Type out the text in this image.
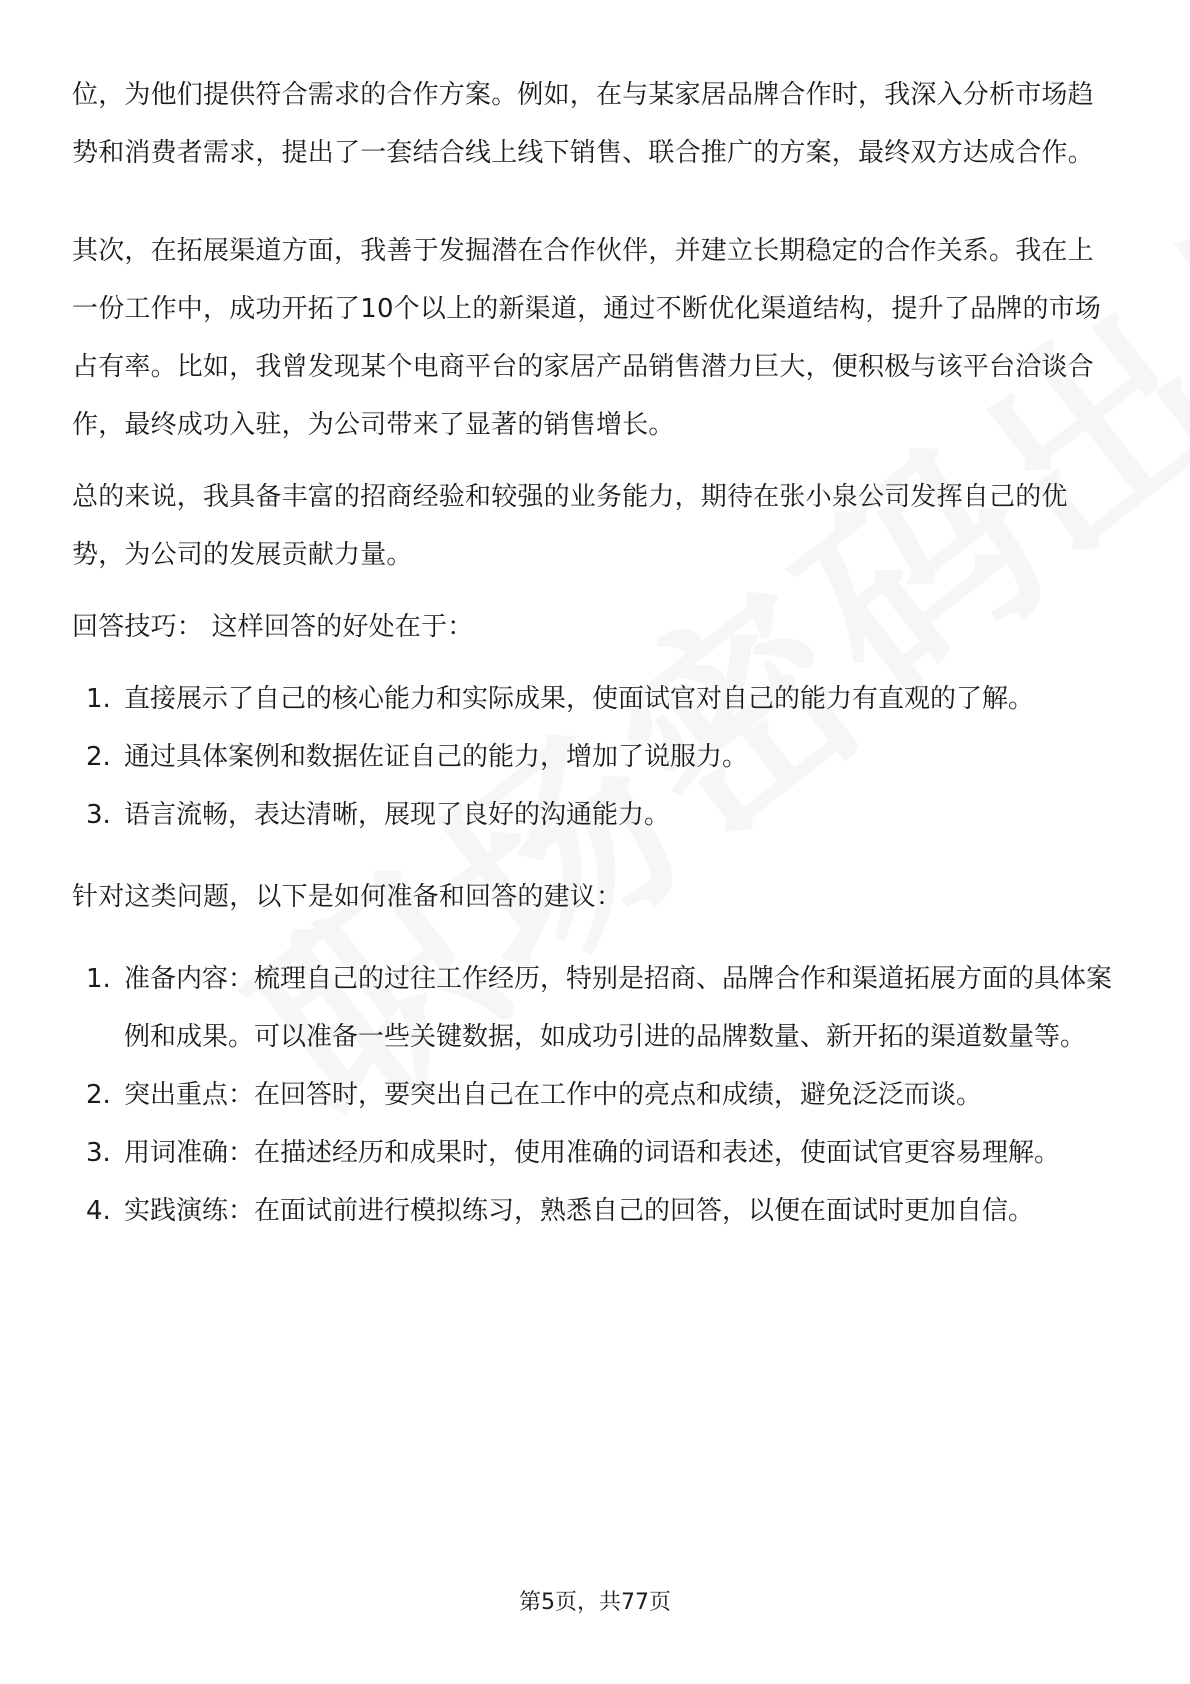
位，为他们提供符合需求的合作方案。例如，在与某家居品牌合作时，我深入分析市场趋势和消费者需求，提出了一套结合线上线下销售、联合推广的方案，最终双方达成合作。

其次，在拓展渠道方面，我善于发掘潜在合作伙伴，并建立长期稳定的合作关系。我在上一份工作中，成功开拓了10个以上的新渠道，通过不断优化渠道结构，提升了品牌的市场占有率。比如，我曾发现某个电商平台的家居产品销售潜力巨大，便积极与该平台洽谈合作，最终成功入驻，为公司带来了显著的销售增长。

总的来说，我具备丰富的招商经验和较强的业务能力，期待在张小泉公司发挥自己的优势，为公司的发展贡献力量。

回答技巧： 这样回答的好处在于：

1. 直接展示了自己的核心能力和实际成果，使面试官对自己的能力有直观的了解。
2. 通过具体案例和数据佐证自己的能力，增加了说服力。
3. 语言流畅，表达清晰，展现了良好的沟通能力。

针对这类问题，以下是如何准备和回答的建议：

1. 准备内容：梳理自己的过往工作经历，特别是招商、品牌合作和渠道拓展方面的具体案例和成果。可以准备一些关键数据，如成功引进的品牌数量、新开拓的渠道数量等。
2. 突出重点：在回答时，要突出自己在工作中的亮点和成绩，避免泛泛而谈。
3. 用词准确：在描述经历和成果时，使用准确的词语和表述，使面试官更容易理解。
4. 实践演练：在面试前进行模拟练习，熟悉自己的回答，以便在面试时更加自信。
第5页，共77页
